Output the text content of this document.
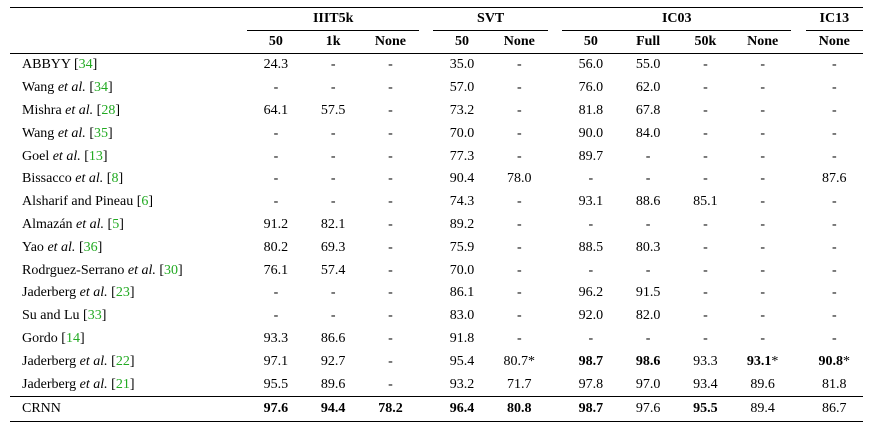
	IIIT5k				SVT			IC03					IC13
	50	1k	None		50	None		50	Full	50k	None		None
ABBYY [34]	24.3	-	-		35.0	-		56.0	55.0	-	-		-
Wang et al. [34]	-	-	-		57.0	-		76.0	62.0	-	-		-
Mishra et al. [28]	64.1	57.5	-		73.2	-		81.8	67.8	-	-		-
Wang et al. [35]	-	-	-		70.0	-		90.0	84.0	-	-		-
Goel et al. [13]	-	-	-		77.3	-		89.7	-	-	-		-
Bissacco et al. [8]	-	-	-		90.4	78.0		-	-	-	-		87.6
Alsharif and Pineau [6]	-	-	-		74.3	-		93.1	88.6	85.1	-		-
Almazán et al. [5]	91.2	82.1	-		89.2	-		-	-	-	-		-
Yao et al. [36]	80.2	69.3	-		75.9	-		88.5	80.3	-	-		-
Rodrguez-Serrano et al. [30]	76.1	57.4	-		70.0	-		-	-	-	-		-
Jaderberg et al. [23]	-	-	-		86.1	-		96.2	91.5	-	-		-
Su and Lu [33]	-	-	-		83.0	-		92.0	82.0	-	-		-
Gordo [14]	93.3	86.6	-		91.8	-		-	-	-	-		-
Jaderberg et al. [22]	97.1	92.7	-		95.4	80.7*		98.7	98.6	93.3	93.1*		90.8*
Jaderberg et al. [21]	95.5	89.6	-		93.2	71.7		97.8	97.0	93.4	89.6		81.8
CRNN	97.6	94.4	78.2		96.4	80.8		98.7	97.6	95.5	89.4		86.7
